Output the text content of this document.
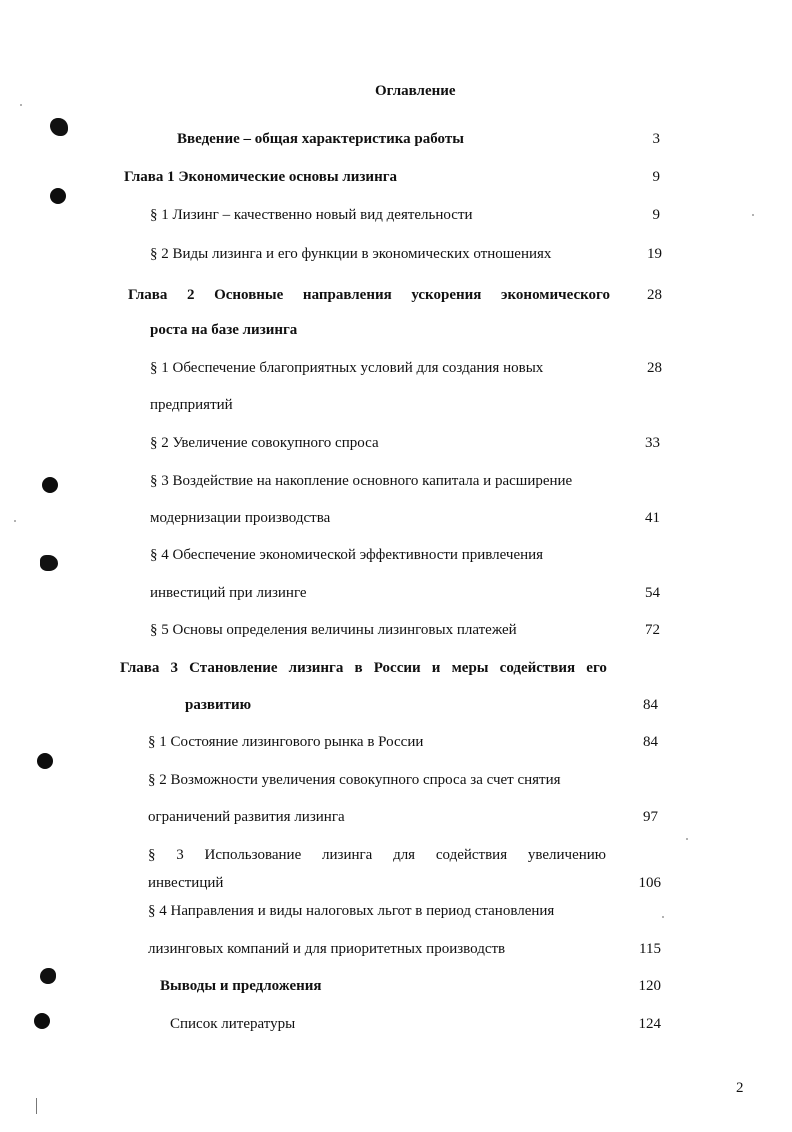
Оглавление
Введение – общая характеристика работы	3
Глава 1 Экономические основы лизинга	9
§ 1 Лизинг – качественно новый вид деятельности	9
§ 2 Виды лизинга и его функции в экономических отношениях	19
Глава 2 Основные направления ускорения экономического	28
роста на базе лизинга
§ 1 Обеспечение благоприятных условий для создания новых	28
предприятий
§ 2 Увеличение совокупного спроса	33
§ 3 Воздействие на накопление основного капитала и расширение
модернизации производства	41
§ 4 Обеспечение экономической эффективности привлечения
инвестиций при лизинге	54
§ 5 Основы определения величины лизинговых платежей	72
Глава 3 Становление лизинга в России и меры содействия его
развитию	84
§ 1 Состояние лизингового рынка в России	84
§ 2 Возможности увеличения совокупного спроса за счет снятия
ограничений развития лизинга	97
§ 3 Использование лизинга для содействия увеличению
инвестиций	106
§ 4 Направления и виды налоговых льгот в период становления
лизинговых компаний и для приоритетных производств	115
Выводы и предложения	120
Список литературы	124
2
